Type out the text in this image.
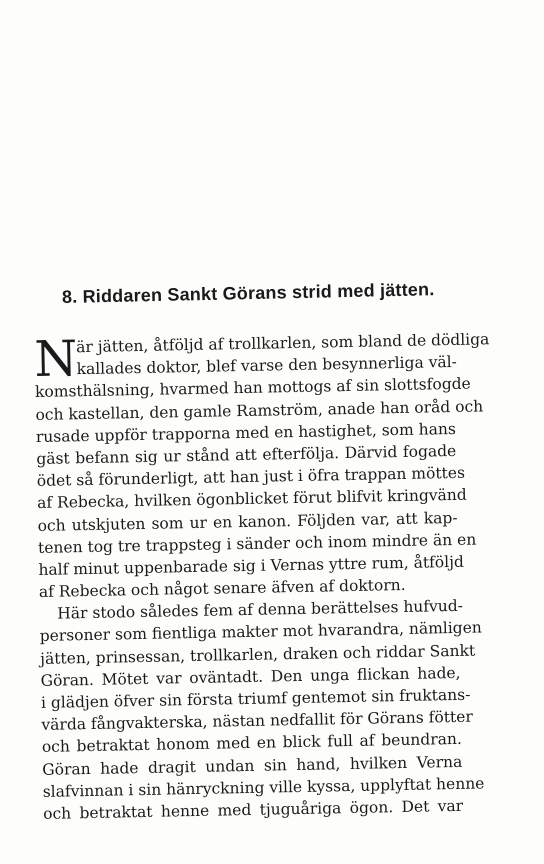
8. Riddaren Sankt Görans strid med jätten.
N
är jätten, åtföljd af trollkarlen, som bland de dödliga
kallades doktor, blef varse den besynnerliga väl-
komsthälsning, hvarmed han mottogs af sin slottsfogde
och kastellan, den gamle Ramström, anade han oråd och
rusade uppför trapporna med en hastighet, som hans
gäst befann sig ur stånd att efterfölja. Därvid fogade
ödet så förunderligt, att han just i öfra trappan möttes
af Rebecka, hvilken ögonblicket förut blifvit kringvänd
och utskjuten som ur en kanon. Följden var, att kap-
tenen tog tre trappsteg i sänder och inom mindre än en
half minut uppenbarade sig i Vernas yttre rum, åtföljd
af Rebecka och något senare äfven af doktorn.
Här stodo således fem af denna berättelses hufvud-
personer som fientliga makter mot hvarandra, nämligen
jätten, prinsessan, trollkarlen, draken och riddar Sankt
Göran. Mötet var oväntadt. Den unga flickan hade,
i glädjen öfver sin första triumf gentemot sin fruktans-
värda fångvakterska, nästan nedfallit för Görans fötter
och betraktat honom med en blick full af beundran.
Göran hade dragit undan sin hand, hvilken Verna
slafvinnan i sin hänryckning ville kyssa, upplyftat henne
och betraktat henne med tjuguåriga ögon. Det var
